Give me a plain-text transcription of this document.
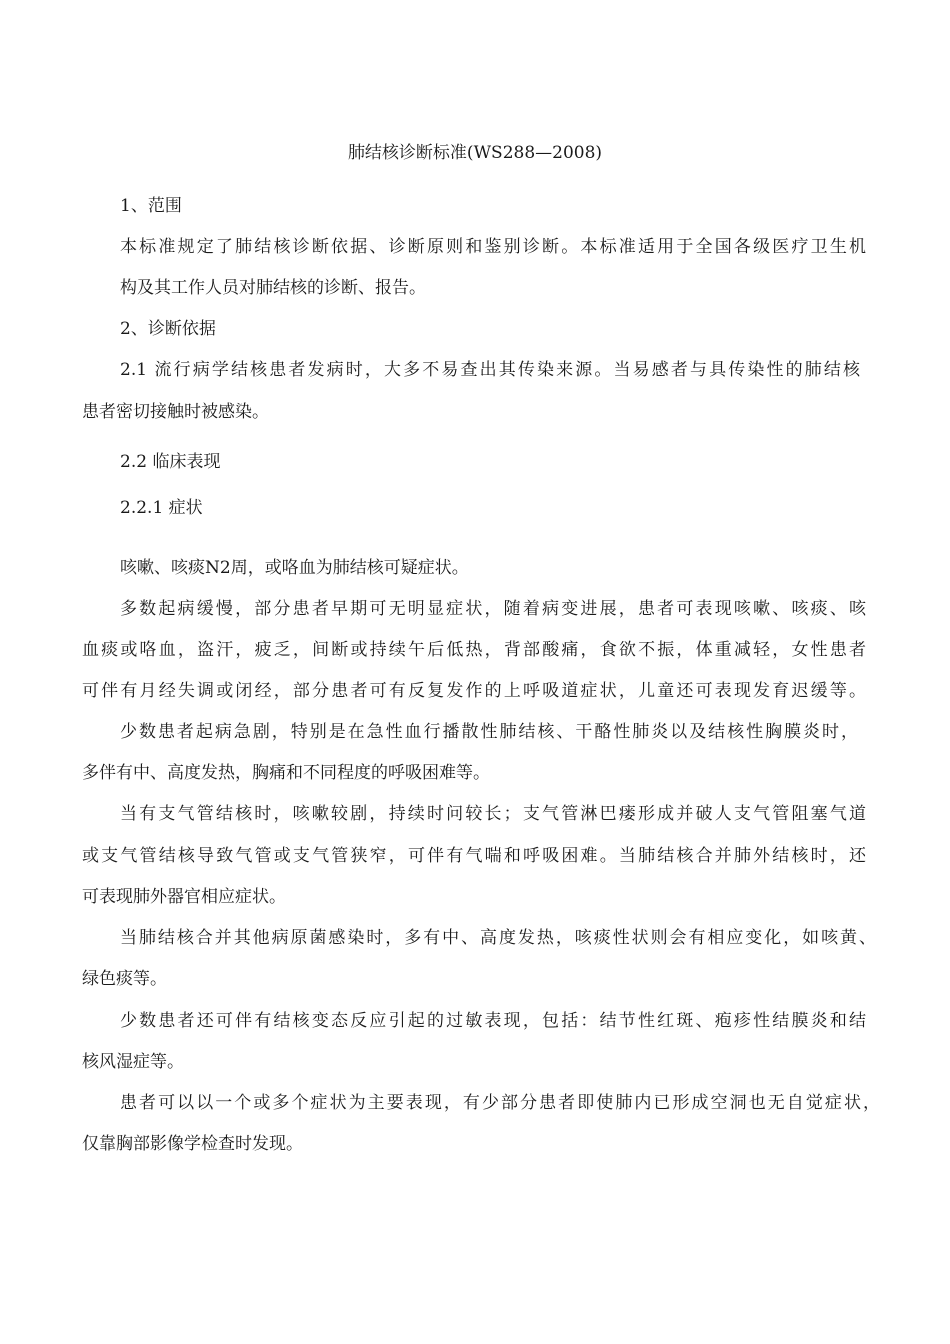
肺结核诊断标准(WS288—2008)
1、范围
本标准规定了肺结核诊断依据、诊断原则和鉴别诊断。本标准适用于全国各级医疗卫生机
构及其工作人员对肺结核的诊断、报告。
2、诊断依据
2.1 流行病学结核患者发病时，大多不易查出其传染来源。当易感者与具传染性的肺结核
患者密切接触时被感染。
2.2 临床表现
2.2.1 症状
咳嗽、咳痰N2周，或咯血为肺结核可疑症状。
多数起病缓慢，部分患者早期可无明显症状，随着病变进展，患者可表现咳嗽、咳痰、咳
血痰或咯血，盗汗，疲乏，间断或持续午后低热，背部酸痛，食欲不振，体重减轻，女性患者
可伴有月经失调或闭经，部分患者可有反复发作的上呼吸道症状，儿童还可表现发育迟缓等。
少数患者起病急剧，特别是在急性血行播散性肺结核、干酪性肺炎以及结核性胸膜炎时，
多伴有中、高度发热，胸痛和不同程度的呼吸困难等。
当有支气管结核时，咳嗽较剧，持续时问较长；支气管淋巴瘘形成并破人支气管阻塞气道
或支气管结核导致气管或支气管狭窄，可伴有气喘和呼吸困难。当肺结核合并肺外结核时，还
可表现肺外器官相应症状。
当肺结核合并其他病原菌感染时，多有中、高度发热，咳痰性状则会有相应变化，如咳黄、
绿色痰等。
少数患者还可伴有结核变态反应引起的过敏表现，包括：结节性红斑、疱疹性结膜炎和结
核风湿症等。
患者可以以一个或多个症状为主要表现，有少部分患者即使肺内已形成空洞也无自觉症状，
仅靠胸部影像学检查时发现。
